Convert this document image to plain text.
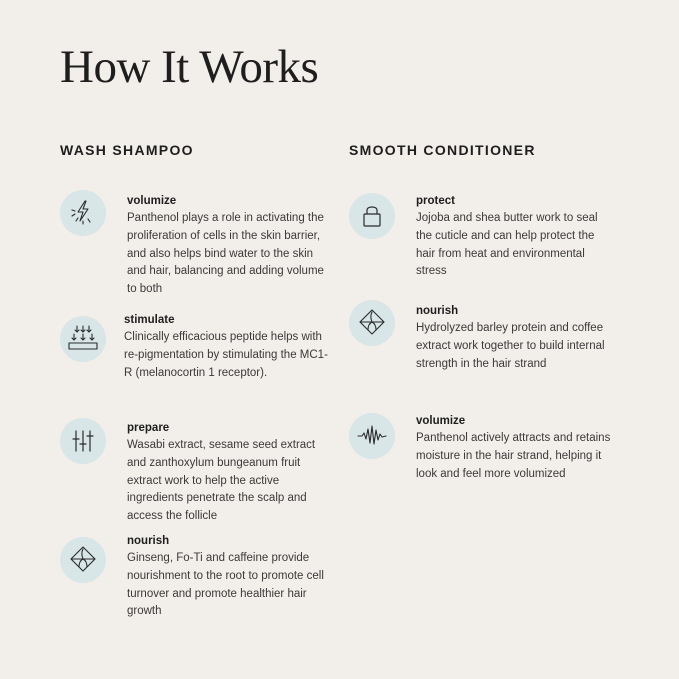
How It Works
WASH SHAMPOO
volumize

Panthenol plays a role in activating the proliferation of cells in the skin barrier, and also helps bind water to the skin and hair, balancing and adding volume to both

stimulate

Clinically efficacious peptide helps with re-pigmentation by stimulating the MC1-R (melanocortin 1 receptor).

prepare

Wasabi extract, sesame seed extract and zanthoxylum bungeanum fruit extract work to help the active ingredients penetrate the scalp and access the follicle

nourish

Ginseng, Fo-Ti and caffeine provide nourishment to the root to promote cell turnover and promote healthier hair growth

SMOOTH CONDITIONER
protect

Jojoba and shea butter work to seal the cuticle and can help protect the hair from heat and environmental stress

nourish

Hydrolyzed barley protein and coffee extract work together to build internal strength in the hair strand

volumize

Panthenol actively attracts and retains moisture in the hair strand, helping it look and feel more volumized
